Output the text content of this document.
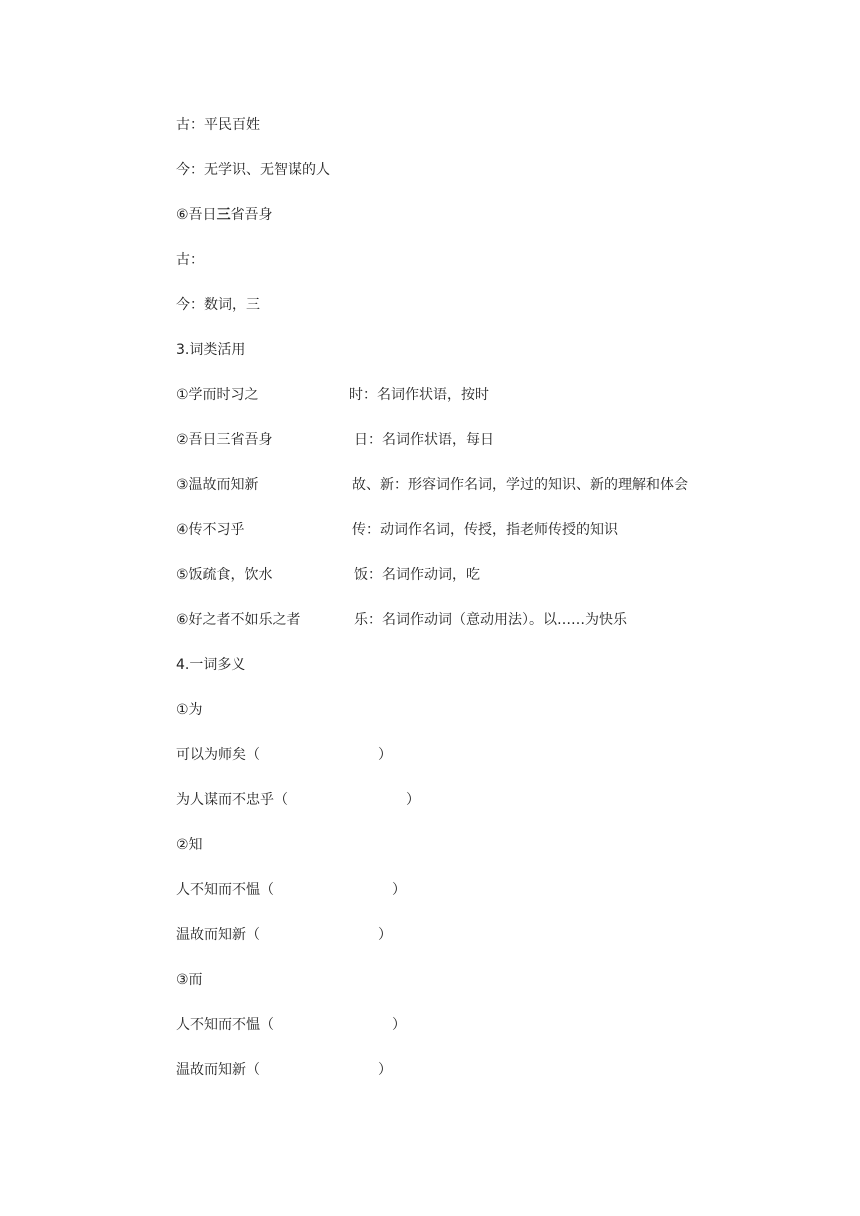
古：平民百姓
今：无学识、无智谋的人
⑥吾日三省吾身
古：
今：数词，三
3.词类活用
①学而时习之	时：名词作状语，按时
②吾日三省吾身	日：名词作状语，每日
③温故而知新	故、新：形容词作名词，学过的知识、新的理解和体会
④传不习乎	传：动词作名词，传授，指老师传授的知识
⑤饭疏食，饮水	饭：名词作动词，吃
⑥好之者不如乐之者	乐：名词作动词（意动用法）。以……为快乐
4.一词多义
①为
可以为师矣（	）
为人谋而不忠乎（	）
②知
人不知而不愠（	）
温故而知新（	）
③而
人不知而不愠（	）
温故而知新（	）
